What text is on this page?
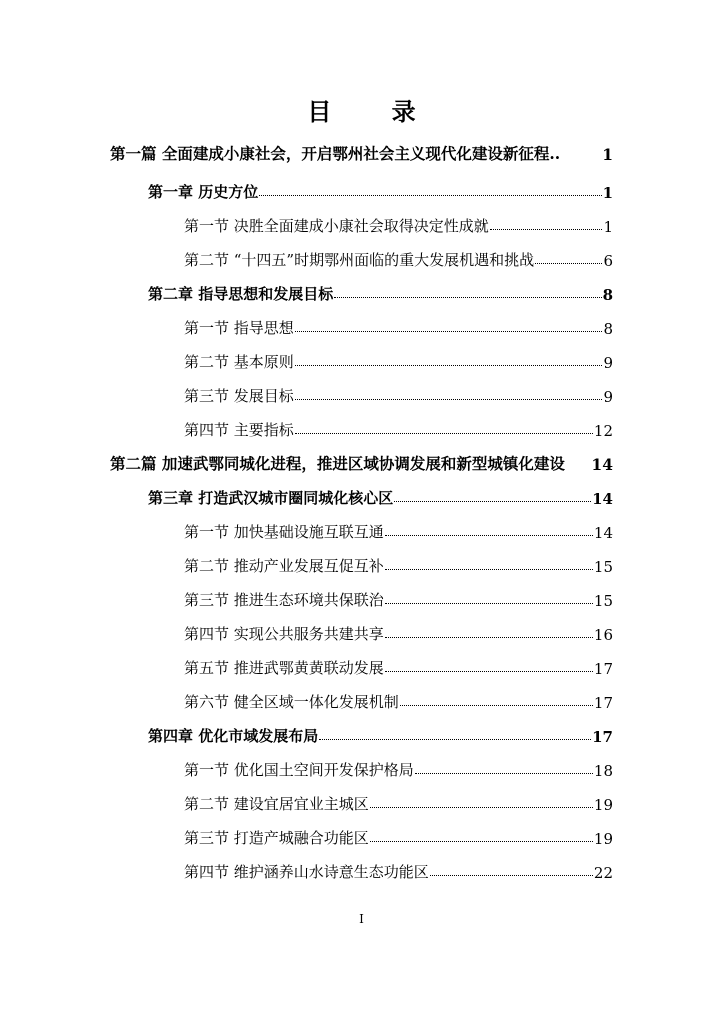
目 录
第一篇 全面建成小康社会，开启鄂州社会主义现代化建设新征程..	1
第一章 历史方位	1
第一节 决胜全面建成小康社会取得决定性成就	1
第二节 “十四五”时期鄂州面临的重大发展机遇和挑战	6
第二章 指导思想和发展目标	8
第一节 指导思想	8
第二节 基本原则	9
第三节 发展目标	9
第四节 主要指标	12
第二篇 加速武鄂同城化进程，推进区域协调发展和新型城镇化建设 14
第三章 打造武汉城市圈同城化核心区	14
第一节 加快基础设施互联互通	14
第二节 推动产业发展互促互补	15
第三节 推进生态环境共保联治	15
第四节 实现公共服务共建共享	16
第五节 推进武鄂黄黄联动发展	17
第六节 健全区域一体化发展机制	17
第四章 优化市域发展布局	17
第一节 优化国土空间开发保护格局	18
第二节 建设宜居宜业主城区	19
第三节 打造产城融合功能区	19
第四节 维护涵养山水诗意生态功能区	22
I
